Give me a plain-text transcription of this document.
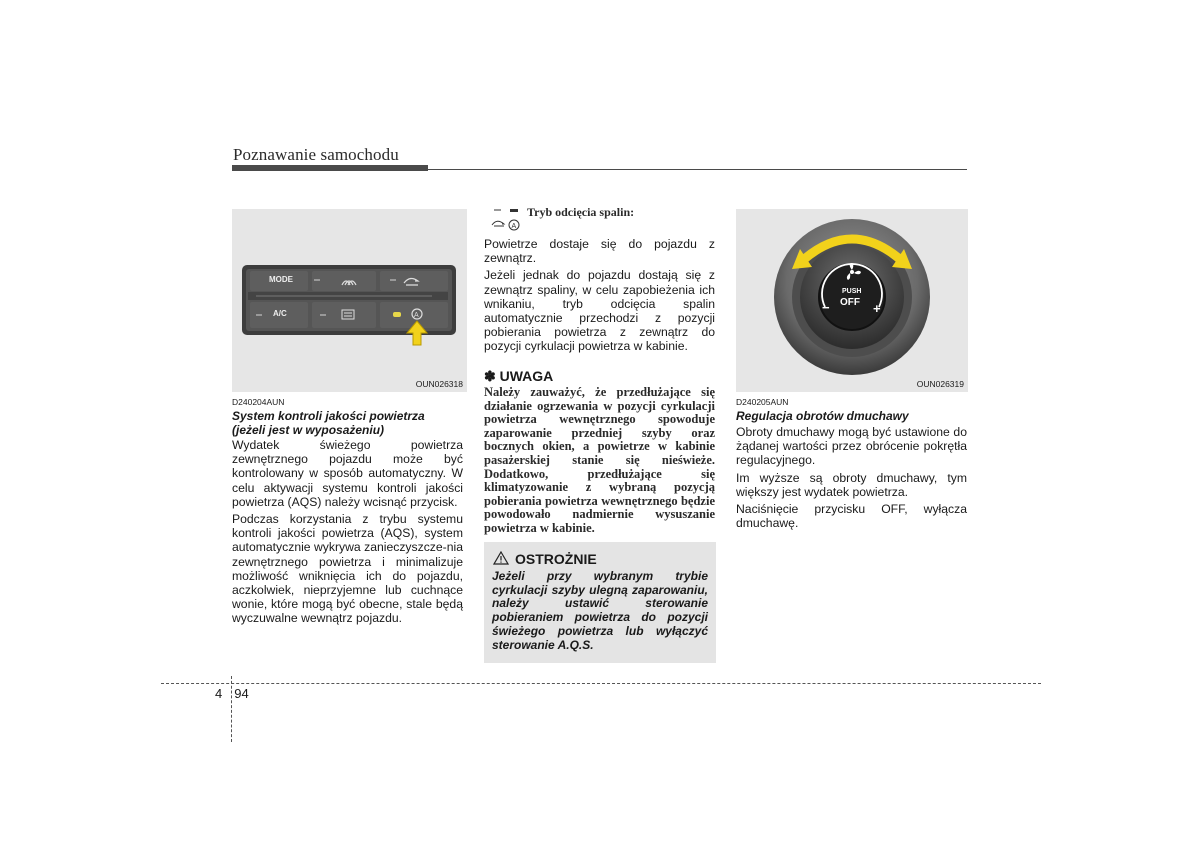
Poznawanie samochodu
A
MODE
A/C
OUN026318
D240204AUN
System kontroli jakości powietrza
(jeżeli jest w wyposażeniu)

Wydatek świeżego powietrza zewnętrznego pojazdu może być kontrolowany w sposób automatyczny. W celu aktywacji systemu kontroli jakości powietrza (AQS) należy wcisnąć przycisk.

Podczas korzystania z trybu systemu kontroli jakości powietrza (AQS), system automatycznie wykrywa zanieczyszcze-nia zewnętrznego powietrza i minimalizuje możliwość wniknięcia ich do pojazdu, aczkolwiek, nieprzyjemne lub cuchnące wonie, które mogą być obecne, stale będą wyczuwalne wewnątrz pojazdu.

A
Tryb odcięcia spalin:

Powietrze dostaje się do pojazdu z zewnątrz.

Jeżeli jednak do pojazdu dostają się z zewnątrz spaliny, w celu zapobieżenia ich wnikaniu, tryb odcięcia spalin automatycznie przechodzi z pozycji pobierania powietrza z zewnątrz do pozycji cyrkulacji powietrza w kabinie.

✽ UWAGA
Należy zauważyć, że przedłużające się działanie ogrzewania w pozycji cyrkulacji powietrza wewnętrznego spowoduje zaparowanie przedniej szyby oraz bocznych okien, a powietrze w kabinie pasażerskiej stanie się nieświeże. Dodatkowo, przedłużające się klimatyzowanie z wybraną pozycją pobierania powietrza wewnętrznego będzie powodowało nadmiernie wysuszanie powietrza w kabinie.
OSTROŻNIE
Jeżeli przy wybranym trybie cyrkulacji szyby ulegną zaparowaniu, należy ustawić sterowanie pobieraniem powietrza do pozycji świeżego powietrza lub wyłączyć sterowanie A.Q.S.
PUSH
OFF
−	+
OUN026319
D240205AUN
Regulacja obrotów dmuchawy

Obroty dmuchawy mogą być ustawione do żądanej wartości przez obrócenie pokrętła regulacyjnego.

Im wyższe są obroty dmuchawy, tym większy jest wydatek powietrza.

Naciśnięcie przycisku OFF, wyłącza dmuchawę.

4 94
